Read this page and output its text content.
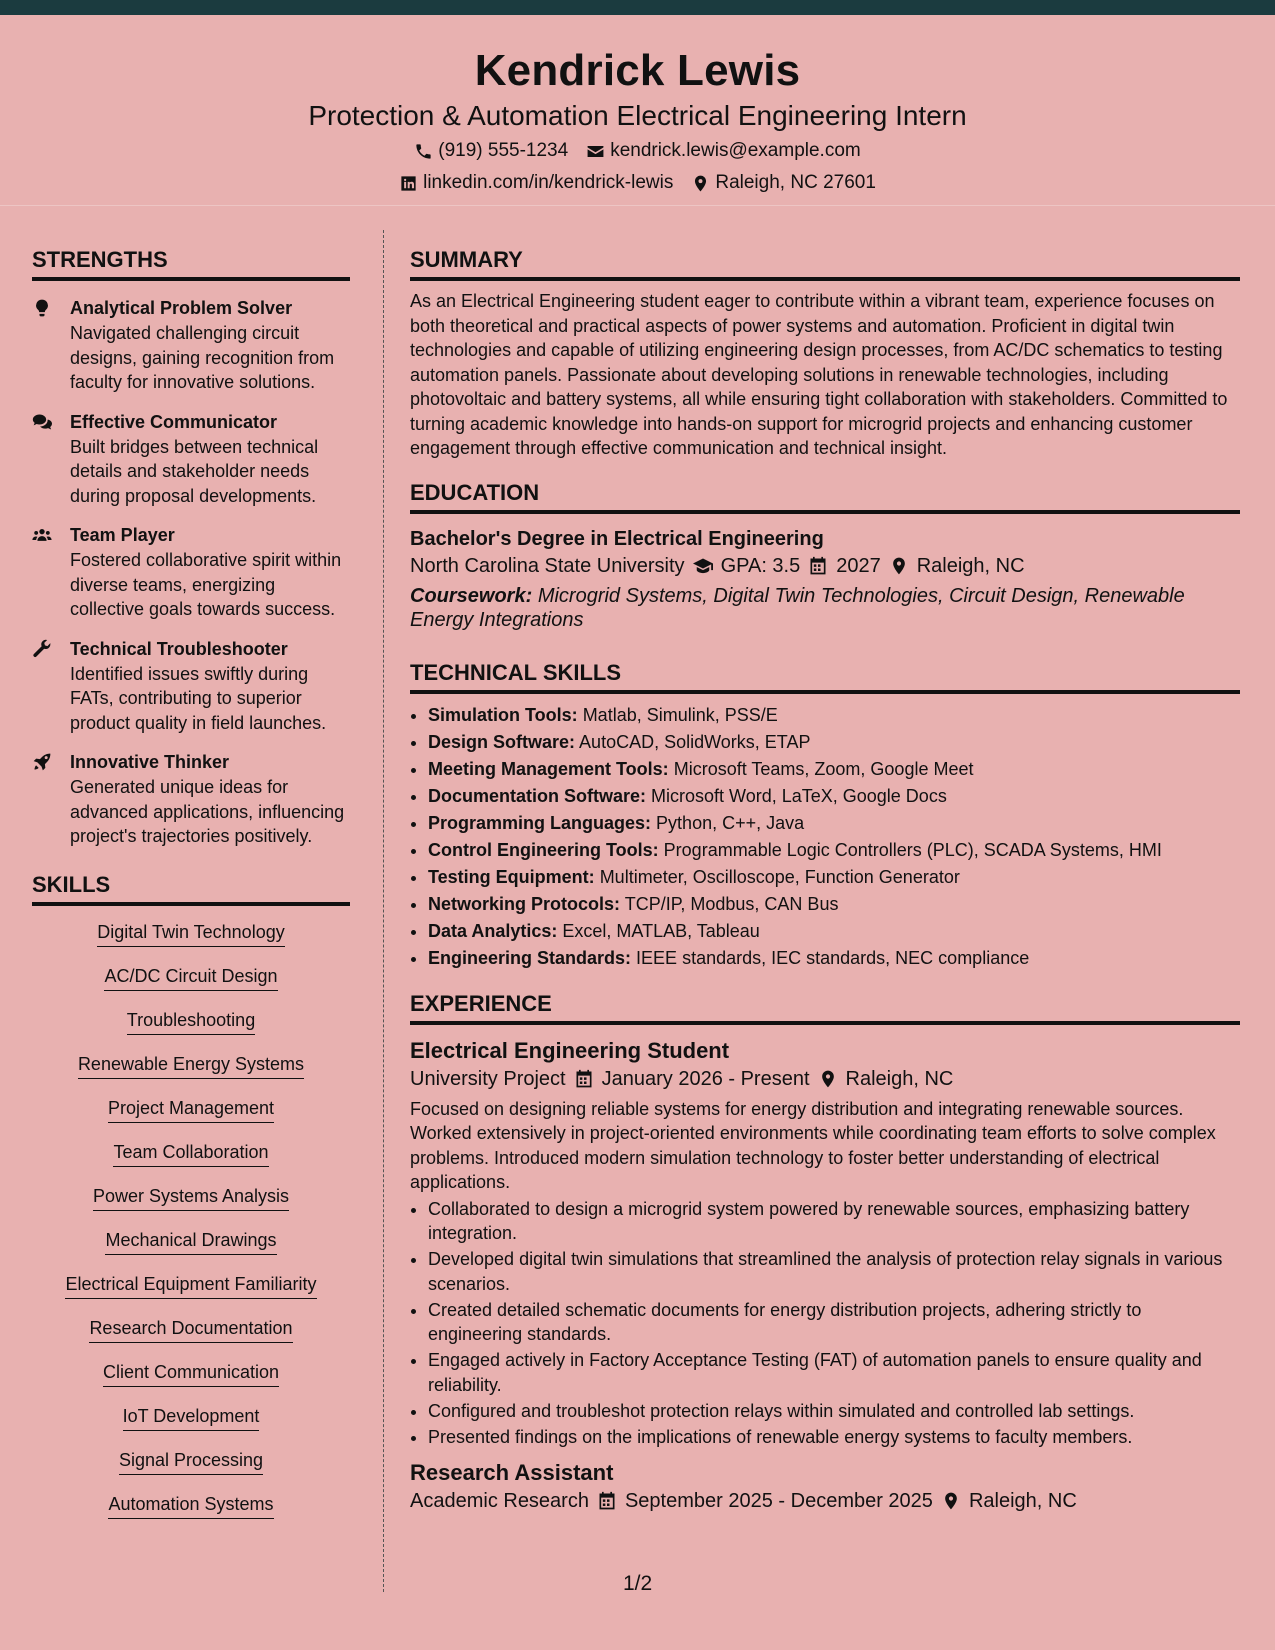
Kendrick Lewis
Protection & Automation Electrical Engineering Intern
(919) 555-1234 kendrick.lewis@example.com
linkedin.com/in/kendrick-lewis Raleigh, NC 27601
STRENGTHS
Analytical Problem Solver
Navigated challenging circuit designs, gaining recognition from faculty for innovative solutions.
Effective Communicator
Built bridges between technical details and stakeholder needs during proposal developments.
Team Player
Fostered collaborative spirit within diverse teams, energizing collective goals towards success.
Technical Troubleshooter
Identified issues swiftly during FATs, contributing to superior product quality in field launches.
Innovative Thinker
Generated unique ideas for advanced applications, influencing project's trajectories positively.
SKILLS
Digital Twin Technology
AC/DC Circuit Design
Troubleshooting
Renewable Energy Systems
Project Management
Team Collaboration
Power Systems Analysis
Mechanical Drawings
Electrical Equipment Familiarity
Research Documentation
Client Communication
IoT Development
Signal Processing
Automation Systems
SUMMARY
As an Electrical Engineering student eager to contribute within a vibrant team, experience focuses on both theoretical and practical aspects of power systems and automation. Proficient in digital twin technologies and capable of utilizing engineering design processes, from AC/DC schematics to testing automation panels. Passionate about developing solutions in renewable technologies, including photovoltaic and battery systems, all while ensuring tight collaboration with stakeholders. Committed to turning academic knowledge into hands-on support for microgrid projects and enhancing customer engagement through effective communication and technical insight.
EDUCATION
Bachelor's Degree in Electrical Engineering
North Carolina State University GPA: 3.5 2027 Raleigh, NC
Coursework: Microgrid Systems, Digital Twin Technologies, Circuit Design, Renewable Energy Integrations
TECHNICAL SKILLS
• Simulation Tools: Matlab, Simulink, PSS/E
• Design Software: AutoCAD, SolidWorks, ETAP
• Meeting Management Tools: Microsoft Teams, Zoom, Google Meet
• Documentation Software: Microsoft Word, LaTeX, Google Docs
• Programming Languages: Python, C++, Java
• Control Engineering Tools: Programmable Logic Controllers (PLC), SCADA Systems, HMI
• Testing Equipment: Multimeter, Oscilloscope, Function Generator
• Networking Protocols: TCP/IP, Modbus, CAN Bus
• Data Analytics: Excel, MATLAB, Tableau
• Engineering Standards: IEEE standards, IEC standards, NEC compliance
EXPERIENCE
Electrical Engineering Student
University Project January 2026 - Present Raleigh, NC
Focused on designing reliable systems for energy distribution and integrating renewable sources. Worked extensively in project-oriented environments while coordinating team efforts to solve complex problems. Introduced modern simulation technology to foster better understanding of electrical applications.
• Collaborated to design a microgrid system powered by renewable sources, emphasizing battery integration.
• Developed digital twin simulations that streamlined the analysis of protection relay signals in various scenarios.
• Created detailed schematic documents for energy distribution projects, adhering strictly to engineering standards.
• Engaged actively in Factory Acceptance Testing (FAT) of automation panels to ensure quality and reliability.
• Configured and troubleshot protection relays within simulated and controlled lab settings.
• Presented findings on the implications of renewable energy systems to faculty members.
Research Assistant
Academic Research September 2025 - December 2025 Raleigh, NC
1/2
